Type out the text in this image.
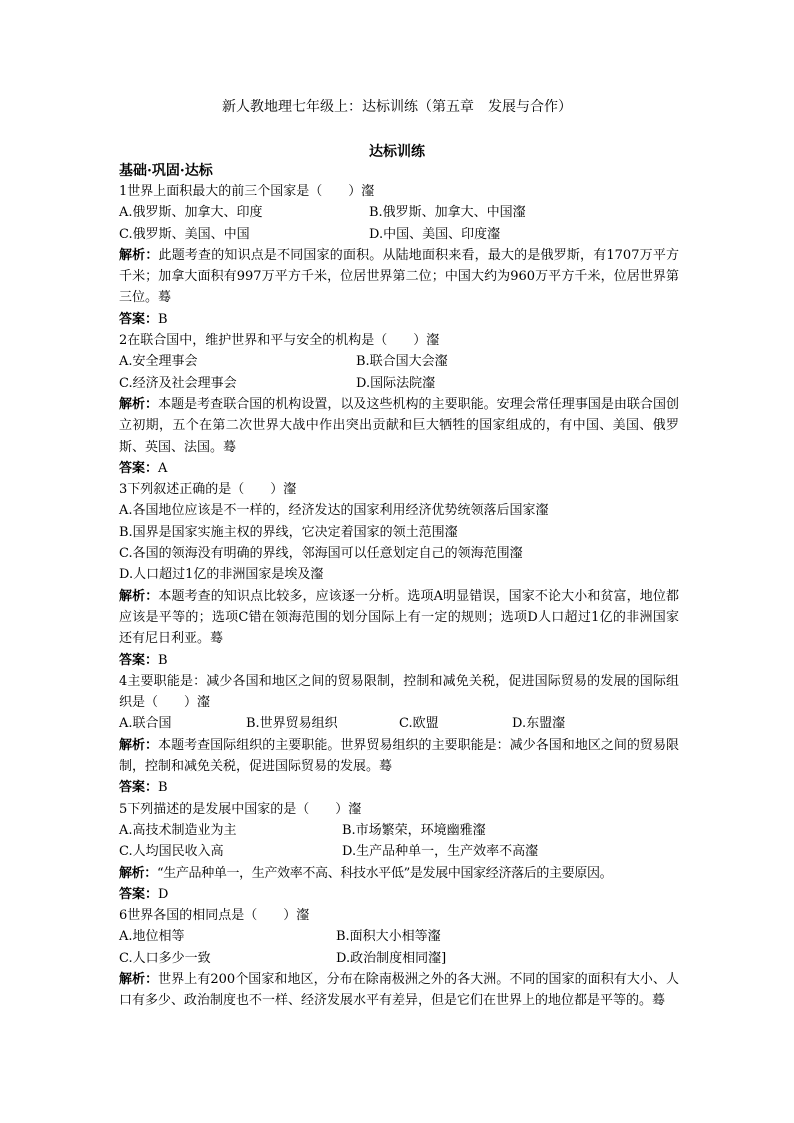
新人教地理七年级上：达标训练（第五章　发展与合作）
达标训练
基础·巩固·达标
1世界上面积最大的前三个国家是（　　）瀣
A.俄罗斯、加拿大、印度	B.俄罗斯、加拿大、中国瀣
C.俄罗斯、美国、中国	D.中国、美国、印度瀣
解析：此题考查的知识点是不同国家的面积。从陆地面积来看，最大的是俄罗斯，有1707万平方千米；加拿大面积有997万平方千米，位居世界第二位；中国大约为960万平方千米，位居世界第三位。蓦
答案：B
2在联合国中，维护世界和平与安全的机构是（　　）瀣
A.安全理事会	B.联合国大会瀣
C.经济及社会理事会	D.国际法院瀣
解析：本题是考查联合国的机构设置，以及这些机构的主要职能。安理会常任理事国是由联合国创立初期，五个在第二次世界大战中作出突出贡献和巨大牺牲的国家组成的，有中国、美国、俄罗斯、英国、法国。蓦
答案：A
3下列叙述正确的是（　　）瀣
A.各国地位应该是不一样的，经济发达的国家利用经济优势统领落后国家瀣
B.国界是国家实施主权的界线，它决定着国家的领土范围瀣
C.各国的领海没有明确的界线，邻海国可以任意划定自己的领海范围瀣
D.人口超过1亿的非洲国家是埃及瀣
解析：本题考查的知识点比较多，应该逐一分析。选项A明显错误，国家不论大小和贫富，地位都应该是平等的；选项C错在领海范围的划分国际上有一定的规则；选项D人口超过1亿的非洲国家还有尼日利亚。蓦
答案：B
4主要职能是：减少各国和地区之间的贸易限制，控制和减免关税，促进国际贸易的发展的国际组织是（　　）瀣
A.联合国	B.世界贸易组织	C.欧盟	D.东盟瀣
解析：本题考查国际组织的主要职能。世界贸易组织的主要职能是：减少各国和地区之间的贸易限制，控制和减免关税，促进国际贸易的发展。蓦
答案：B
5下列描述的是发展中国家的是（　　）瀣
A.高技术制造业为主	B.市场繁荣，环境幽雅瀣
C.人均国民收入高	D.生产品种单一，生产效率不高瀣
解析：“生产品种单一，生产效率不高、科技水平低”是发展中国家经济落后的主要原因。
答案：D
6世界各国的相同点是（　　）瀣
A.地位相等	B.面积大小相等瀣
C.人口多少一致	D.政治制度相同瀣]
解析：世界上有200个国家和地区，分布在除南极洲之外的各大洲。不同的国家的面积有大小、人口有多少、政治制度也不一样、经济发展水平有差异，但是它们在世界上的地位都是平等的。蓦
